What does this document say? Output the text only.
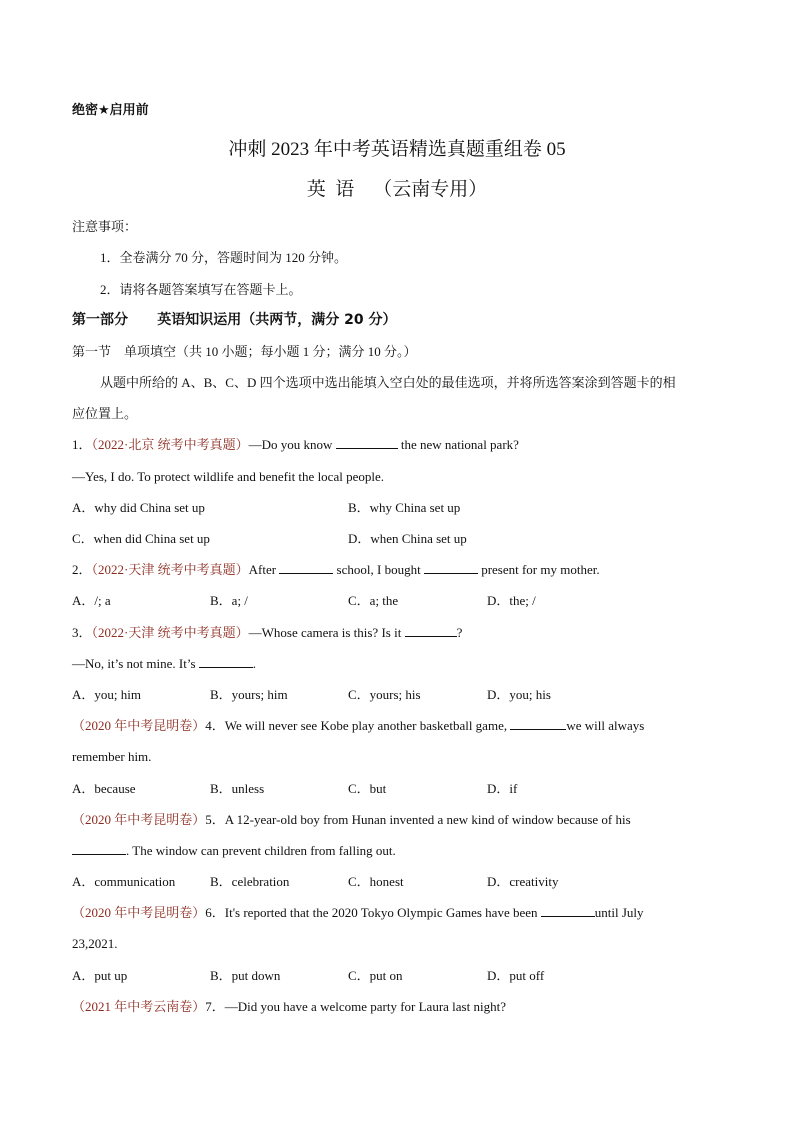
绝密★启用前
冲刺 2023 年中考英语精选真题重组卷 05
英  语    （云南专用）
注意事项：
1．全卷满分 70 分，答题时间为 120 分钟。
2．请将各题答案填写在答题卡上。
第一部分      英语知识运用（共两节，满分 20 分）
第一节    单项填空（共 10 小题；每小题 1 分；满分 10 分。）
从题中所给的 A、B、C、D 四个选项中选出能填入空白处的最佳选项，并将所选答案涂到答题卡的相
应位置上。
1．（2022·北京 统考中考真题）—Do you know	the new national park?
—Yes, I do. To protect wildlife and benefit the local people.
A．why did China set up	B．why China set up
C．when did China set up	D．when China set up
2．（2022·天津 统考中考真题）After	school, I bought	present for my mother.
A．/; a	B．a; /	C．a; the	D．the; /
3．（2022·天津 统考中考真题）—Whose camera is this? Is it	?
—No, it’s not mine. It’s	.
A．you; him	B．yours; him	C．yours; his	D．you; his
（2020 年中考昆明卷）4．We will never see Kobe play another basketball game,	we will always
remember him.
A．because	B．unless	C．but	D．if
（2020 年中考昆明卷）5．A 12-year-old boy from Hunan invented a new kind of window because of his
. The window can prevent children from falling out.
A．communication	B．celebration	C．honest	D．creativity
（2020 年中考昆明卷）6．It's reported that the 2020 Tokyo Olympic Games have been	until July
23,2021.
A．put up	B．put down	C．put on	D．put off
（2021 年中考云南卷）7．—Did you have a welcome party for Laura last night?
